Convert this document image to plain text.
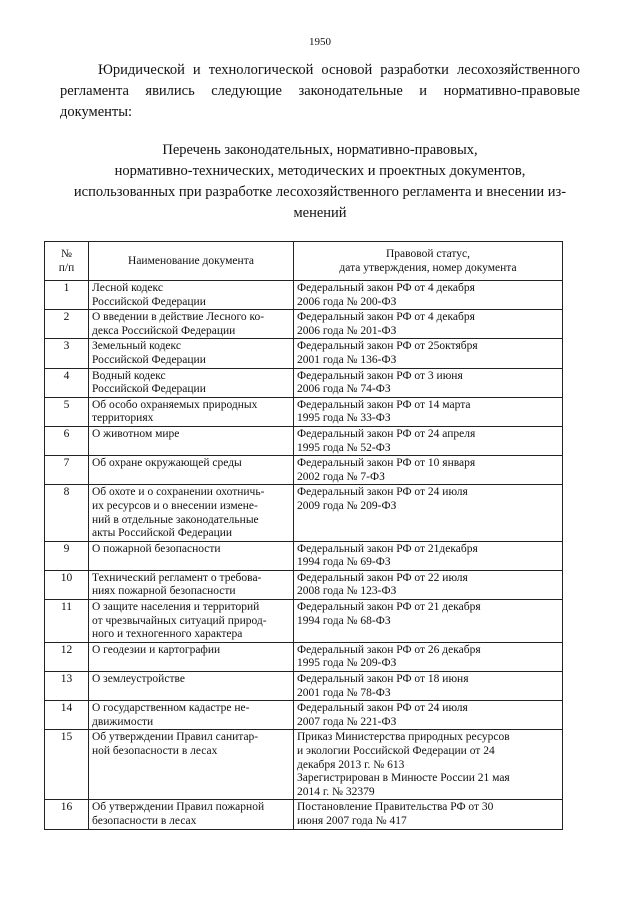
1950
Юридической и технологической основой разработки лесохозяйственного регламента явились следующие законодательные и нормативно-правовые документы:
Перечень законодательных, нормативно-правовых,
нормативно-технических, методических и проектных документов,
использованных при разработке лесохозяйственного регламента и внесении из-
менений
№
п/п	Наименование документа	Правовой статус,
дата утверждения, номер документа

1	Лесной кодекс
Российской Федерации	Федеральный закон РФ от 4 декабря
2006 года № 200-ФЗ

2	О введении в действие Лесного ко-
декса Российской Федерации	Федеральный закон РФ от 4 декабря
2006 года № 201-ФЗ

3	Земельный кодекс
Российской Федерации	Федеральный закон РФ от 25октября
2001 года № 136-ФЗ

4	Водный кодекс
Российской Федерации	Федеральный закон РФ от 3 июня
2006 года № 74-ФЗ

5	Об особо охраняемых природных
территориях	Федеральный закон РФ от 14 марта
1995 года № 33-ФЗ

6	О животном мире	Федеральный закон РФ от 24 апреля
1995 года № 52-ФЗ

7	Об охране окружающей среды	Федеральный закон РФ от 10 января
2002 года № 7-ФЗ

8	Об охоте и о сохранении охотничь-
их ресурсов и о внесении измене-
ний в отдельные законодательные
акты Российской Федерации	Федеральный закон РФ от 24 июля
2009 года № 209-ФЗ

9	О пожарной безопасности	Федеральный закон РФ от 21декабря
1994 года № 69-ФЗ

10	Технический регламент о требова-
ниях пожарной безопасности	Федеральный закон РФ от 22 июля
2008 года № 123-ФЗ

11	О защите населения и территорий
от чрезвычайных ситуаций природ-
ного и техногенного характера	Федеральный закон РФ от 21 декабря
1994 года № 68-ФЗ

12	О геодезии и картографии	Федеральный закон РФ от 26 декабря
1995 года № 209-ФЗ

13	О землеустройстве	Федеральный закон РФ от 18 июня
2001 года № 78-ФЗ

14	О государственном кадастре не-
движимости	Федеральный закон РФ от 24 июля
2007 года № 221-ФЗ

15	Об утверждении Правил санитар-
ной безопасности в лесах	Приказ Министерства природных ресурсов
и экологии Российской Федерации от 24
декабря 2013 г. № 613
Зарегистрирован в Минюсте России 21 мая
2014 г. № 32379

16	Об утверждении Правил пожарной
безопасности в лесах	Постановление Правительства РФ от 30
июня 2007 года № 417
